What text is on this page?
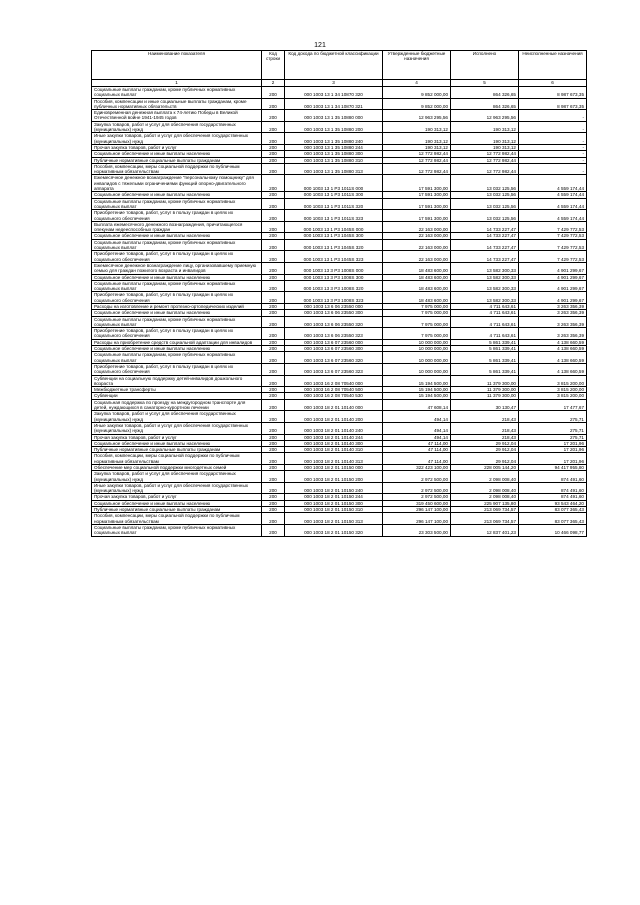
121
Наименование показателя	Код строки	Код дохода по бюджетной классификации	Утвержденные бюджетные назначения	Исполнено	Неисполненные назначения
1	2	3	4	5	6
Социальные выплаты гражданам, кроме публичных нормативных социальных выплат	200	000 1003 13 1 34 10870 320	9 852 000,00	864 326,65	8 987 673,35
Пособия, компенсации и иные социальные выплаты гражданам, кроме публичных нормативных обязательств	200	000 1003 13 1 34 10870 321	9 852 000,00	864 326,65	8 987 673,35
Единовременная денежная выплата к 74-летию Победы в Великой Отечественной войне 1941-1945 годов	200	000 1003 13 1 35 10880 000	12 963 295,56	12 963 295,56	-
Закупка товаров, работ и услуг для обеспечения государственных (муниципальных) нужд	200	000 1003 13 1 35 10880 200	190 313,12	190 313,12	-
Иные закупки товаров, работ и услуг для обеспечения государственных (муниципальных) нужд	200	000 1003 13 1 35 10880 240	190 313,12	190 313,12	-
Прочая закупка товаров, работ и услуг	200	000 1003 13 1 35 10880 244	190 313,12	190 313,12	-
Социальное обеспечение и иные выплаты населению	200	000 1003 13 1 35 10880 300	12 772 982,44	12 772 982,44	-
Публичные нормативные социальные выплаты гражданам	200	000 1003 13 1 35 10880 310	12 772 982,44	12 772 982,44	-
Пособия, компенсации, меры социальной поддержки по публичным нормативным обязательствам	200	000 1003 13 1 35 10880 313	12 772 982,44	12 772 982,44	-
Ежемесячное денежное вознаграждение "персональному помощнику" для инвалидов с тяжелыми ограничениями функций опорно-двигательного аппарата	200	000 1003 13 1 P3 1011S 000	17 591 300,00	13 032 125,56	4 559 174,44
Социальное обеспечение и иные выплаты населению	200	000 1003 13 1 P3 1011S 300	17 591 300,00	13 032 125,56	4 559 174,44
Социальные выплаты гражданам, кроме публичных нормативных социальных выплат	200	000 1003 13 1 P3 1011S 320	17 591 300,00	13 032 125,56	4 559 174,44
Приобретение товаров, работ, услуг в пользу граждан в целях их социального обеспечения	200	000 1003 13 1 P3 1011S 323	17 591 300,00	13 032 125,56	4 559 174,44
Выплата ежемесячного денежного вознаграждения, причитающегося опекунам недееспособных граждан	200	000 1003 13 1 P3 1045S 000	22 163 000,00	14 733 227,47	7 429 772,53
Социальное обеспечение и иные выплаты населению	200	000 1003 13 1 P3 1045S 300	22 163 000,00	14 733 227,47	7 429 772,53
Социальные выплаты гражданам, кроме публичных нормативных социальных выплат	200	000 1003 13 1 P3 1045S 320	22 163 000,00	14 733 227,47	7 429 772,53
Приобретение товаров, работ, услуг в пользу граждан в целях их социального обеспечения	200	000 1003 13 1 P3 1045S 323	22 163 000,00	14 733 227,47	7 429 772,53
Ежемесячное денежное вознаграждение лицу, организовавшему приемную семью для граждан пожилого возраста и инвалидов	200	000 1003 13 3 P3 1008S 000	18 483 600,00	13 582 300,33	4 901 299,67
Социальное обеспечение и иные выплаты населению	200	000 1003 13 3 P3 1008S 300	18 483 600,00	13 582 300,33	4 901 299,67
Социальные выплаты гражданам, кроме публичных нормативных социальных выплат	200	000 1003 13 3 P3 1008S 320	18 483 600,00	13 582 300,33	4 901 299,67
Приобретение товаров, работ, услуг в пользу граждан в целях их социального обеспечения	200	000 1003 13 3 P3 1008S 323	18 483 600,00	13 582 300,33	4 901 299,67
Расходы на изготовление и ремонт протезно-ортопедических изделий	200	000 1003 13 6 06 23550 000	7 975 000,00	4 711 643,61	3 263 356,39
Социальное обеспечение и иные выплаты населению	200	000 1003 13 6 06 23550 300	7 975 000,00	4 711 643,61	3 263 356,39
Социальные выплаты гражданам, кроме публичных нормативных социальных выплат	200	000 1003 13 6 06 23550 320	7 975 000,00	4 711 643,61	3 263 356,39
Приобретение товаров, работ, услуг в пользу граждан в целях их социального обеспечения	200	000 1003 13 6 06 23550 323	7 975 000,00	4 711 643,61	3 263 356,39
Расходы на приобретение средств социальной адаптации для инвалидов	200	000 1003 13 6 07 23560 000	10 000 000,00	5 861 339,41	4 138 660,59
Социальное обеспечение и иные выплаты населению	200	000 1003 13 6 07 23560 300	10 000 000,00	5 861 339,41	4 138 660,59
Социальные выплаты гражданам, кроме публичных нормативных социальных выплат	200	000 1003 13 6 07 23560 320	10 000 000,00	5 861 339,41	4 138 660,59
Приобретение товаров, работ, услуг в пользу граждан в целях их социального обеспечения	200	000 1003 13 6 07 23560 323	10 000 000,00	5 861 339,41	4 138 660,59
Субвенции на социальную поддержку детей-инвалидов дошкольного возраста	200	000 1003 16 2 08 70540 000	15 194 500,00	11 379 300,00	3 815 200,00
Межбюджетные трансферты	200	000 1003 16 2 08 70540 500	15 194 500,00	11 379 300,00	3 815 200,00
Субвенции	200	000 1003 16 2 08 70540 530	15 194 500,00	11 379 300,00	3 815 200,00
Социальная поддержка по проезду на междугородном транспорте для детей, нуждающихся в санаторно-курортном лечении	200	000 1003 18 2 01 10140 000	47 608,14	30 130,47	17 477,67
Закупка товаров, работ и услуг для обеспечения государственных (муниципальных) нужд	200	000 1003 18 2 01 10140 200	494,14	218,43	275,71
Иные закупки товаров, работ и услуг для обеспечения государственных (муниципальных) нужд	200	000 1003 18 2 01 10140 240	494,14	218,43	275,71
Прочая закупка товаров, работ и услуг	200	000 1003 18 2 01 10140 244	494,14	218,43	275,71
Социальное обеспечение и иные выплаты населению	200	000 1003 18 2 01 10140 300	47 114,00	29 912,04	17 201,96
Публичные нормативные социальные выплаты гражданам	200	000 1003 18 2 01 10140 310	47 114,00	29 912,04	17 201,96
Пособия, компенсации, меры социальной поддержки по публичным нормативным обязательствам	200	000 1003 18 2 01 10140 313	47 114,00	29 912,04	17 201,96
Обеспечение мер социальной поддержки многодетных семей	200	000 1003 18 2 01 10150 000	322 423 100,00	228 005 144,20	94 417 955,80
Закупка товаров, работ и услуг для обеспечения государственных (муниципальных) нужд	200	000 1003 18 2 01 10150 200	2 972 500,00	2 098 008,40	874 491,60
Иные закупки товаров, работ и услуг для обеспечения государственных (муниципальных) нужд	200	000 1003 18 2 01 10150 240	2 972 500,00	2 098 008,40	874 491,60
Прочая закупка товаров, работ и услуг	200	000 1003 18 2 01 10150 244	2 972 500,00	2 098 008,40	874 491,60
Социальное обеспечение и иные выплаты населению	200	000 1003 18 2 01 10150 300	319 450 600,00	225 907 135,80	93 543 464,20
Публичные нормативные социальные выплаты гражданам	200	000 1003 18 2 01 10150 310	296 147 100,00	213 069 734,57	83 077 365,43
Пособия, компенсации, меры социальной поддержки по публичным нормативным обязательствам	200	000 1003 18 2 01 10150 313	296 147 100,00	213 069 734,57	83 077 365,43
Социальные выплаты гражданам, кроме публичных нормативных социальных выплат	200	000 1003 18 2 01 10150 320	23 303 500,00	12 837 401,23	10 466 098,77
